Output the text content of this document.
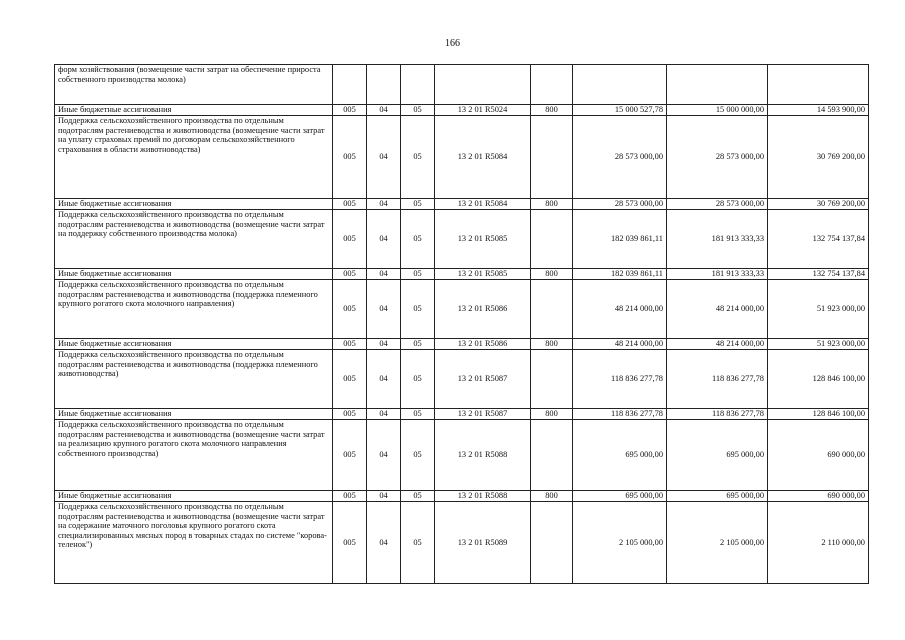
166
форм хозяйствования (возмещение части затрат на обеспечение прироста собственного производства молока)								
Иные бюджетные ассигнования	005	04	05	13 2 01 R5024	800	15 000 527,78	15 000 000,00	14 593 900,00
Поддержка сельскохозяйственного производства по отдельным подотраслям растениеводства и животноводства (возмещение части затрат на уплату страховых премий по договорам сельскохозяйственного страхования в области животноводства)	005	04	05	13 2 01 R5084		28 573 000,00	28 573 000,00	30 769 200,00
Иные бюджетные ассигнования	005	04	05	13 2 01 R5084	800	28 573 000,00	28 573 000,00	30 769 200,00
Поддержка сельскохозяйственного производства по отдельным подотраслям растениеводства и животноводства (возмещение части затрат на поддержку собственного производства молока)	005	04	05	13 2 01 R5085		182 039 861,11	181 913 333,33	132 754 137,84
Иные бюджетные ассигнования	005	04	05	13 2 01 R5085	800	182 039 861,11	181 913 333,33	132 754 137,84
Поддержка сельскохозяйственного производства по отдельным подотраслям растениеводства и животноводства (поддержка племенного крупного рогатого скота молочного направления)	005	04	05	13 2 01 R5086		48 214 000,00	48 214 000,00	51 923 000,00
Иные бюджетные ассигнования	005	04	05	13 2 01 R5086	800	48 214 000,00	48 214 000,00	51 923 000,00
Поддержка сельскохозяйственного производства по отдельным подотраслям растениеводства и животноводства (поддержка племенного животноводства)	005	04	05	13 2 01 R5087		118 836 277,78	118 836 277,78	128 846 100,00
Иные бюджетные ассигнования	005	04	05	13 2 01 R5087	800	118 836 277,78	118 836 277,78	128 846 100,00
Поддержка сельскохозяйственного производства по отдельным подотраслям растениеводства и животноводства (возмещение части затрат на реализацию крупного рогатого скота молочного направления собственного производства)	005	04	05	13 2 01 R5088		695 000,00	695 000,00	690 000,00
Иные бюджетные ассигнования	005	04	05	13 2 01 R5088	800	695 000,00	695 000,00	690 000,00
Поддержка сельскохозяйственного производства по отдельным подотраслям растениеводства и животноводства (возмещение части затрат на содержание маточного поголовья крупного рогатого скота специализированных мясных пород в товарных стадах по системе "корова-теленок")	005	04	05	13 2 01 R5089		2 105 000,00	2 105 000,00	2 110 000,00
